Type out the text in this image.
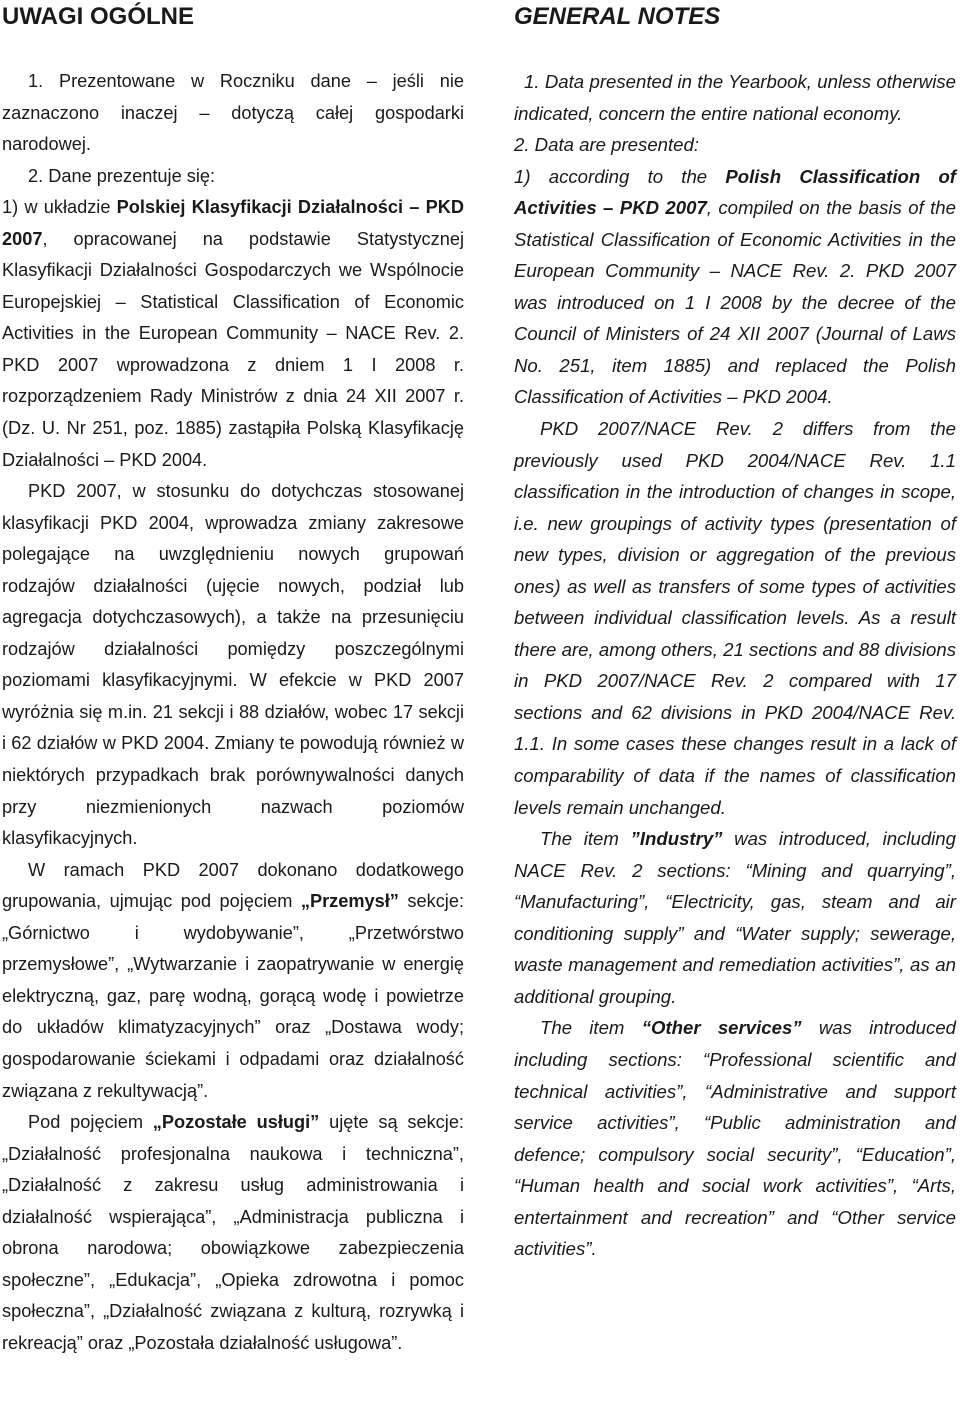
UWAGI OGÓLNE

1. Prezentowane w Roczniku dane – jeśli nie zaznaczono inaczej – dotyczą całej gospodarki narodowej.

2. Dane prezentuje się:

1) w układzie Polskiej Klasyfikacji Działalności – PKD 2007, opracowanej na podstawie Statystycznej Klasyfikacji Działalności Gospodarczych we Wspólnocie Europejskiej – Statistical Classification of Economic Activities in the European Community – NACE Rev. 2. PKD 2007 wprowadzona z dniem 1 I 2008 r. rozporządzeniem Rady Ministrów z dnia 24 XII 2007 r. (Dz. U. Nr 251, poz. 1885) zastąpiła Polską Klasyfikację Działalności – PKD 2004.

PKD 2007, w stosunku do dotychczas stosowanej klasyfikacji PKD 2004, wprowadza zmiany zakresowe polegające na uwzględnieniu nowych grupowań rodzajów działalności (ujęcie nowych, podział lub agregacja dotychczasowych), a także na przesunięciu rodzajów działalności pomiędzy poszczególnymi poziomami klasyfikacyjnymi. W efekcie w PKD 2007 wyróżnia się m.in. 21 sekcji i 88 działów, wobec 17 sekcji i 62 działów w PKD 2004. Zmiany te powodują również w niektórych przypadkach brak porównywalności danych przy niezmienionych nazwach poziomów klasyfikacyjnych.

W ramach PKD 2007 dokonano dodatkowego grupowania, ujmując pod pojęciem „Przemysł” sekcje: „Górnictwo i wydobywanie”, „Przetwórstwo przemysłowe”, „Wytwarzanie i zaopatrywanie w energię elektryczną, gaz, parę wodną, gorącą wodę i powietrze do układów klimatyzacyjnych” oraz „Dostawa wody; gospodarowanie ściekami i odpadami oraz działalność związana z rekultywacją”.

Pod pojęciem „Pozostałe usługi” ujęte są sekcje: „Działalność profesjonalna naukowa i techniczna”, „Działalność z zakresu usług administrowania i działalność wspierająca”, „Administracja publiczna i obrona narodowa; obowiązkowe zabezpieczenia społeczne”, „Edukacja”, „Opieka zdrowotna i pomoc społeczna”, „Działalność związana z kulturą, rozrywką i rekreacją” oraz „Pozostała działalność usługowa”.

GENERAL NOTES

1. Data presented in the Yearbook, unless otherwise indicated, concern the entire national economy.

2. Data are presented:

1) according to the Polish Classification of Activities – PKD 2007, compiled on the basis of the Statistical Classification of Economic Activities in the European Community – NACE Rev. 2. PKD 2007 was introduced on 1 I 2008 by the decree of the Council of Ministers of 24 XII 2007 (Journal of Laws No. 251, item 1885) and replaced the Polish Classification of Activities – PKD 2004.

PKD 2007/NACE Rev. 2 differs from the previously used PKD 2004/NACE Rev. 1.1 classification in the introduction of changes in scope, i.e. new groupings of activity types (presentation of new types, division or aggregation of the previous ones) as well as transfers of some types of activities between individual classification levels. As a result there are, among others, 21 sections and 88 divisions in PKD 2007/NACE Rev. 2 compared with 17 sections and 62 divisions in PKD 2004/NACE Rev. 1.1. In some cases these changes result in a lack of comparability of data if the names of classification levels remain unchanged.

The item ”Industry” was introduced, including NACE Rev. 2 sections: “Mining and quarrying”, “Manufacturing”, “Electricity, gas, steam and air conditioning supply” and “Water supply; sewerage, waste management and remediation activities”, as an additional grouping.

The item “Other services” was introduced including sections: “Professional scientific and technical activities”, “Administrative and support service activities”, “Public administration and defence; compulsory social security”, “Education”, “Human health and social work activities”, “Arts, entertainment and recreation” and “Other service activities”.
